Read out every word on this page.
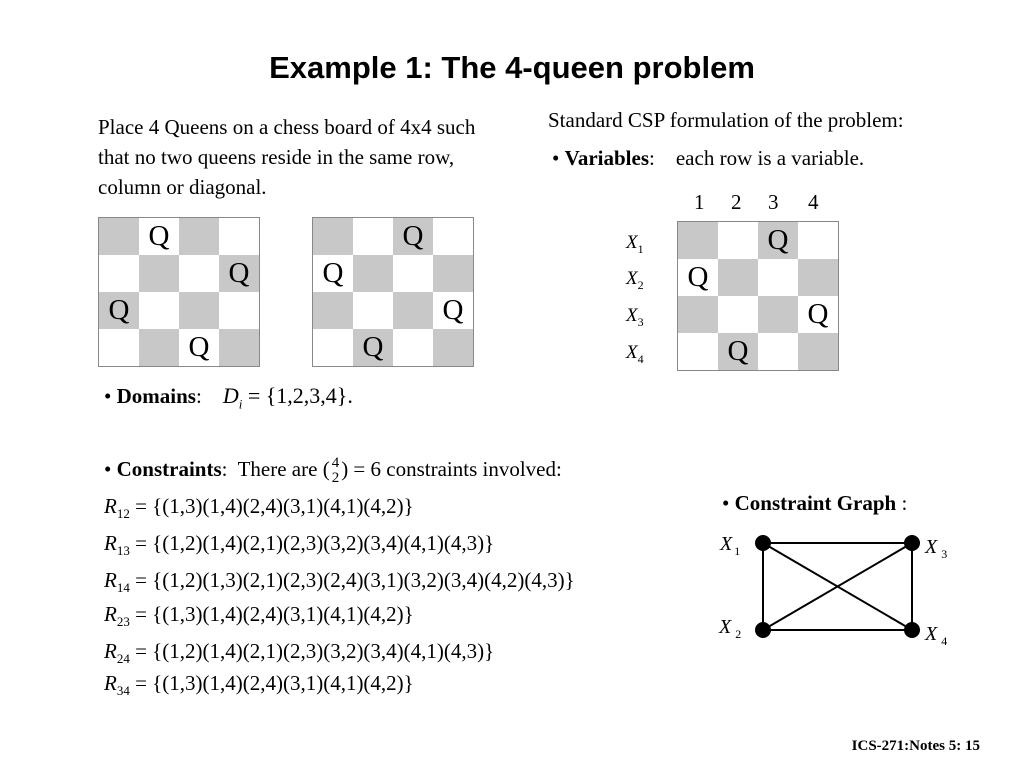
Example 1: The 4-queen problem
Place 4 Queens on a chess board of 4x4 such that no two queens reside in the same row, column or diagonal.
Q
Q
Q
Q
Q
Q
Q
Q
Standard CSP formulation of the problem:
• Variables:    each row is a variable.
1 2 3 4
$X_1$
$X_2$
$X_3$
$X_4$
Q
Q
Q
Q
• Domains:    $D_i = \{1,2,3,4\}$.
• Constraints:  There are ( 4
2) = 6 constraints involved:
$R_{12} = \{(1,3)(1,4)(2,4)(3,1)(4,1)(4,2)\}$
$R_{13} = \{(1,2)(1,4)(2,1)(2,3)(3,2)(3,4)(4,1)(4,3)\}$
$R_{14} = \{(1,2)(1,3)(2,1)(2,3)(2,4)(3,1)(3,2)(3,4)(4,2)(4,3)\}$
$R_{23} = \{(1,3)(1,4)(2,4)(3,1)(4,1)(4,2)\}$
$R_{24} = \{(1,2)(1,4)(2,1)(2,3)(3,2)(3,4)(4,1)(4,3)\}$
$R_{34} = \{(1,3)(1,4)(2,4)(3,1)(4,1)(4,2)\}$
• Constraint Graph :
X $_1$	X $_3$
X $_2$	X $_4$
ICS-271:Notes 5: 15
